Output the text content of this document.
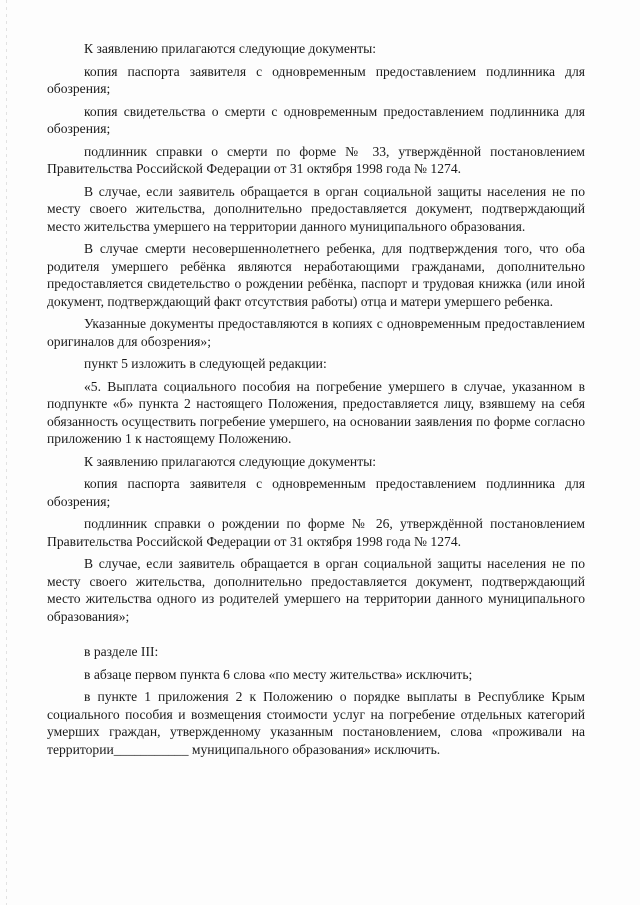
К заявлению прилагаются следующие документы:

копия паспорта заявителя с одновременным предоставлением подлинника для обозрения;

копия свидетельства о смерти с одновременным предоставлением подлинника для обозрения;

подлинник справки о смерти по форме № 33, утверждённой постановлением Правительства Российской Федерации от 31 октября 1998 года № 1274.

В случае, если заявитель обращается в орган социальной защиты населения не по месту своего жительства, дополнительно предоставляется документ, подтверждающий место жительства умершего на территории данного муниципального образования.

В случае смерти несовершеннолетнего ребенка, для подтверждения того, что оба родителя умершего ребёнка являются неработающими гражданами, дополнительно предоставляется свидетельство о рождении ребёнка, паспорт и трудовая книжка (или иной документ, подтверждающий факт отсутствия работы) отца и матери умершего ребенка.

Указанные документы предоставляются в копиях с одновременным предоставлением оригиналов для обозрения»;

пункт 5 изложить в следующей редакции:

«5. Выплата социального пособия на погребение умершего в случае, указанном в подпункте «б» пункта 2 настоящего Положения, предоставляется лицу, взявшему на себя обязанность осуществить погребение умершего, на основании заявления по форме согласно приложению 1 к настоящему Положению.

К заявлению прилагаются следующие документы:

копия паспорта заявителя с одновременным предоставлением подлинника для обозрения;

подлинник справки о рождении по форме № 26, утверждённой постановлением Правительства Российской Федерации от 31 октября 1998 года № 1274.

В случае, если заявитель обращается в орган социальной защиты населения не по месту своего жительства, дополнительно предоставляется документ, подтверждающий место жительства одного из родителей умершего на территории данного муниципального образования»;

в разделе III:

в абзаце первом пункта 6 слова «по месту жительства» исключить;

в пункте 1 приложения 2 к Положению о порядке выплаты в Республике Крым социального пособия и возмещения стоимости услуг на погребение отдельных категорий умерших граждан, утвержденному указанным постановлением, слова «проживали на территории___________ муниципального образования» исключить.
